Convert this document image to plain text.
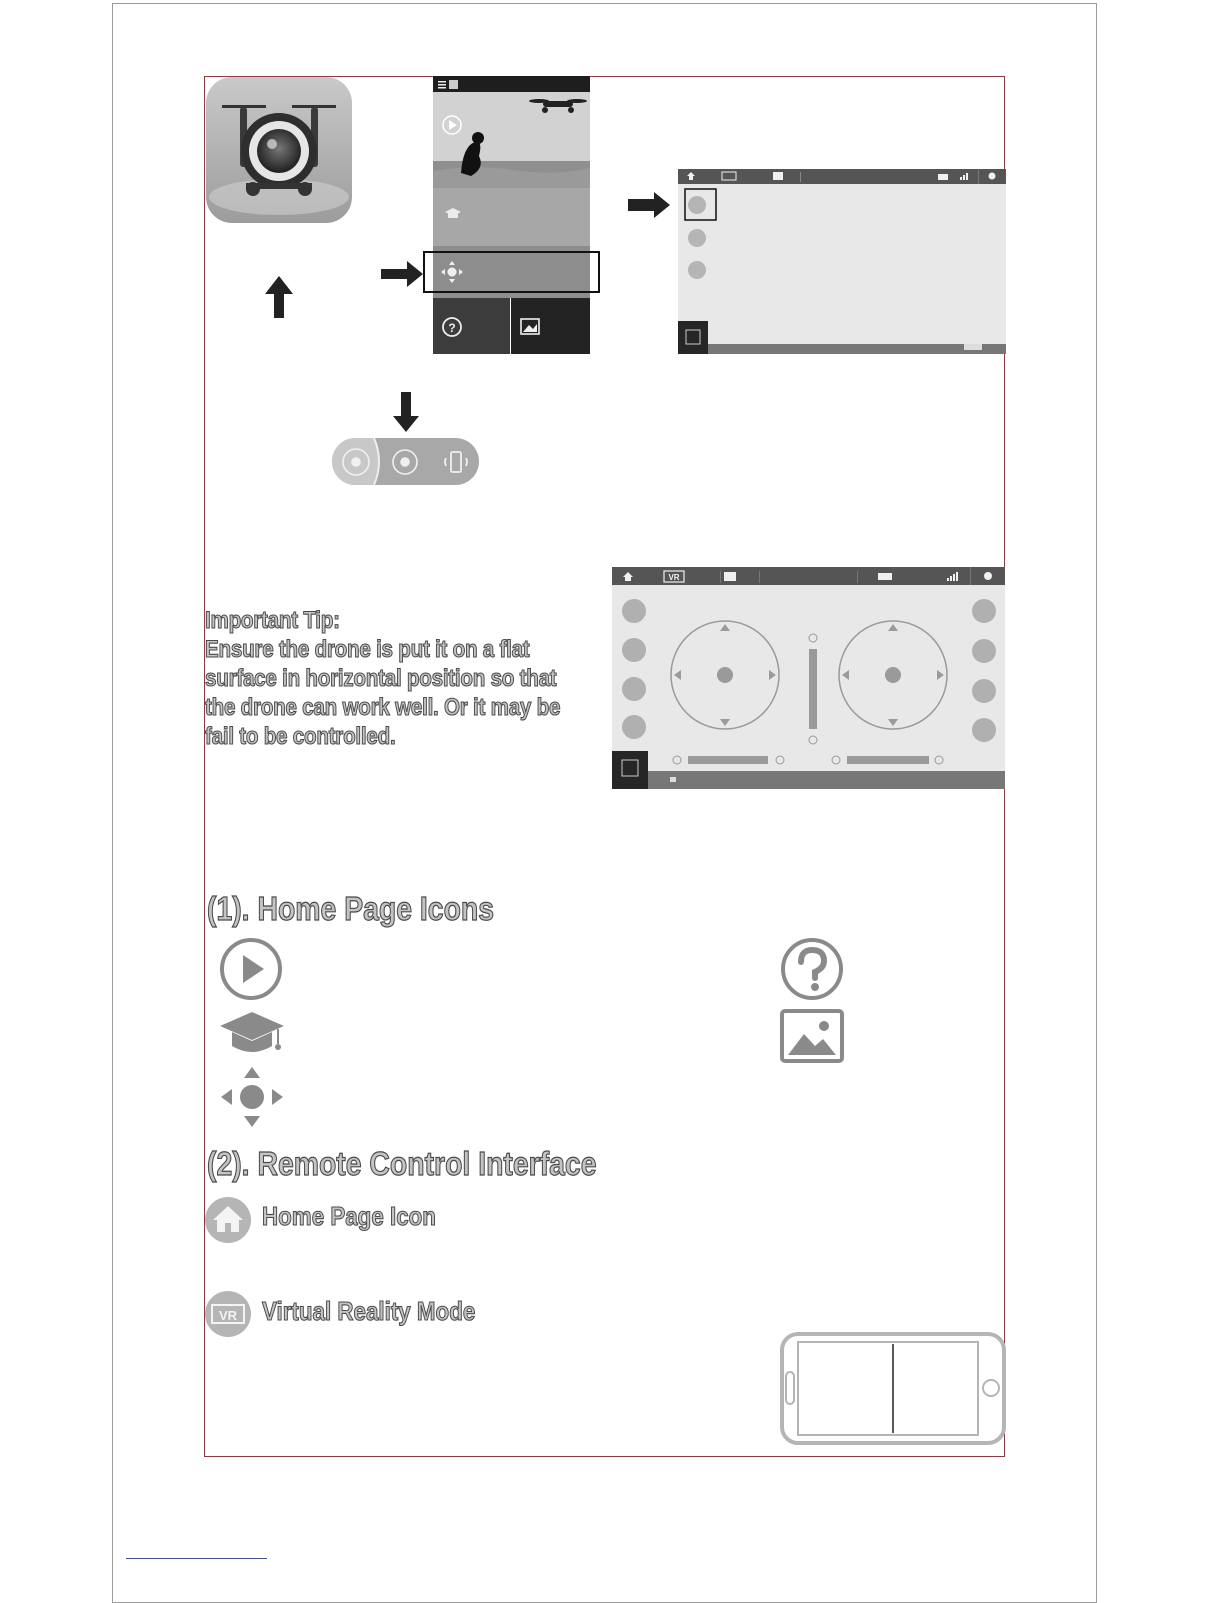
?

Important Tip:

Ensure the drone is put it on a flat surface in horizontal position so that the drone can work well. Or it may be fail to be controlled.

VR
(1). Home Page Icons
(2). Remote Control Interface
Home Page Icon
VR Virtual Reality Mode
